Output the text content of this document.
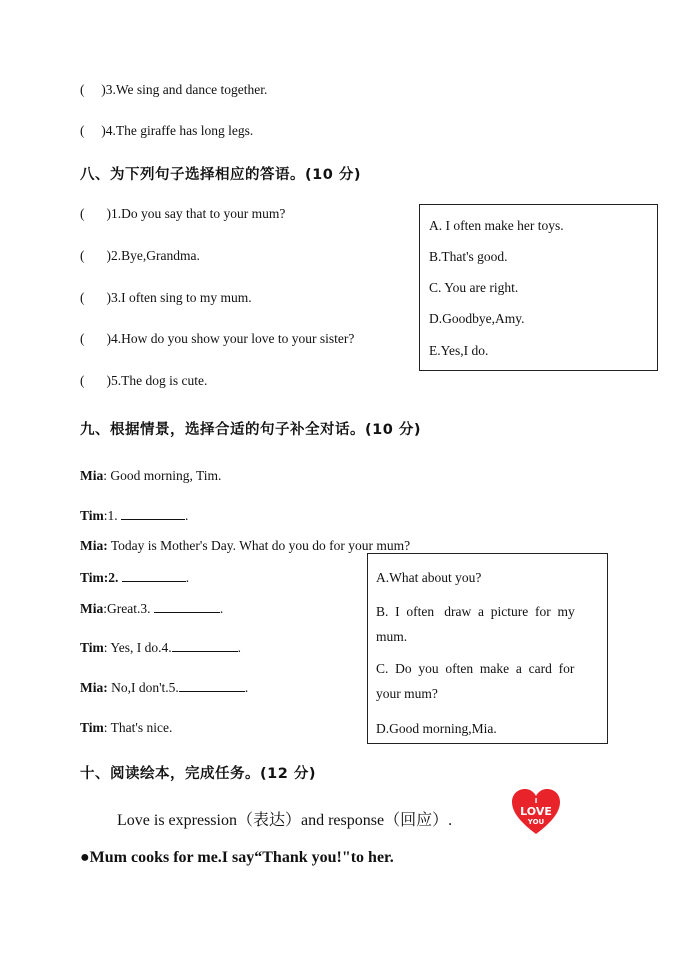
( )3.We sing and dance together.
( )4.The giraffe has long legs.
八、为下列句子选择相应的答语。(10 分)
( )1.Do you say that to your mum?
( )2.Bye,Grandma.
( )3.I often sing to my mum.
( )4.How do you show your love to your sister?
( )5.The dog is cute.
A. I often make her toys.
B.That's good.
C. You are right.
D.Goodbye,Amy.
E.Yes,I do.
九、根据情景，选择合适的句子补全对话。(10 分)
Mia: Good morning, Tim.
Tim:1.	.
Mia: Today is Mother's Day. What do you do for your mum?
Tim:2.	.
Mia:Great.3.	.
Tim: Yes, I do.4.	.
Mia: No,I don't.5.	.
Tim: That's nice.
A.What about you?
B.  I  often   draw  a  picture  for  my
mum.
C.  Do  you  often  make  a  card  for
your mum?
D.Good morning,Mia.
十、阅读绘本，完成任务。(12 分)
Love is expression（表达）and response（回应）.
I
LOVE
YOU
●Mum cooks for me.I say“Thank you!"to her.
